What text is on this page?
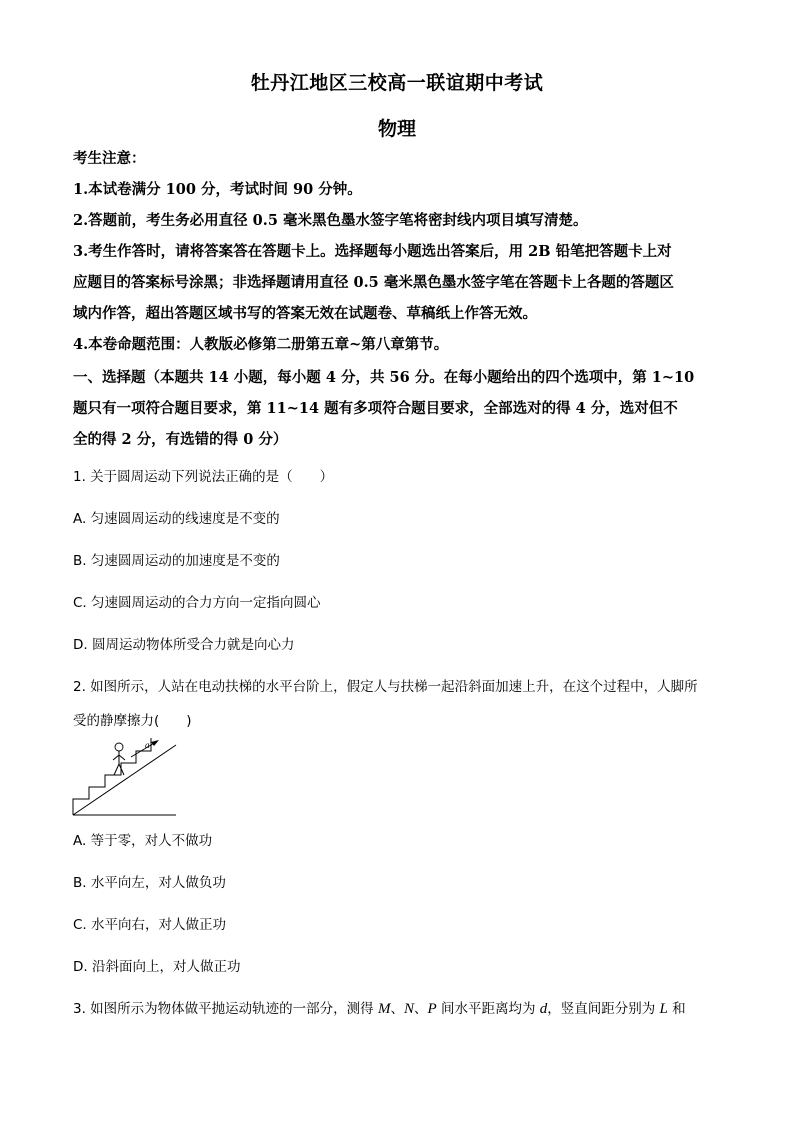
牡丹江地区三校高一联谊期中考试
物理
考生注意：
1.本试卷满分 100 分，考试时间 90 分钟。
2.答题前，考生务必用直径 0.5 毫米黑色墨水签字笔将密封线内项目填写清楚。
3.考生作答时，请将答案答在答题卡上。选择题每小题选出答案后，用 2B 铅笔把答题卡上对
应题目的答案标号涂黑；非选择题请用直径 0.5 毫米黑色墨水签字笔在答题卡上各题的答题区
域内作答，超出答题区域书写的答案无效在试题卷、草稿纸上作答无效。
4.本卷命题范围：人教版必修第二册第五章~第八章第节。
一、选择题（本题共 14 小题，每小题 4 分，共 56 分。在每小题给出的四个选项中，第 1~10
题只有一项符合题目要求，第 11~14 题有多项符合题目要求，全部选对的得 4 分，选对但不
全的得 2 分，有选错的得 0 分）
1. 关于圆周运动下列说法正确的是（　　）
A. 匀速圆周运动的线速度是不变的
B. 匀速圆周运动的加速度是不变的
C. 匀速圆周运动的合力方向一定指向圆心
D. 圆周运动物体所受合力就是向心力
2. 如图所示，人站在电动扶梯的水平台阶上，假定人与扶梯一起沿斜面加速上升，在这个过程中，人脚所
受的静摩擦力(　　)
a
A. 等于零，对人不做功
B. 水平向左，对人做负功
C. 水平向右，对人做正功
D. 沿斜面向上，对人做正功
3. 如图所示为物体做平抛运动轨迹的一部分，测得 M、N、P 间水平距离均为 d，竖直间距分别为 L 和
